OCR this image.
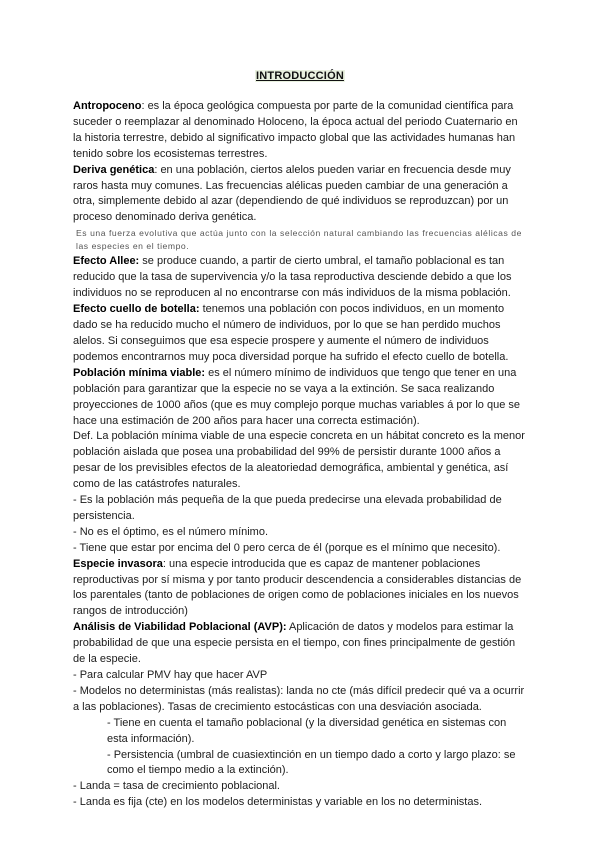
INTRODUCCIÓN

Antropoceno: es la época geológica compuesta por parte de la comunidad científica para suceder o reemplazar al denominado Holoceno, la época actual del periodo Cuaternario en la historia terrestre, debido al significativo impacto global que las actividades humanas han tenido sobre los ecosistemas terrestres.

Deriva genética: en una población, ciertos alelos pueden variar en frecuencia desde muy raros hasta muy comunes. Las frecuencias alélicas pueden cambiar de una generación a otra, simplemente debido al azar (dependiendo de qué individuos se reproduzcan) por un proceso denominado deriva genética.

Es una fuerza evolutiva que actúa junto con la selección natural cambiando las frecuencias alélicas de las especies en el tiempo.

Efecto Allee: se produce cuando, a partir de cierto umbral, el tamaño poblacional es tan reducido que la tasa de supervivencia y/o la tasa reproductiva desciende debido a que los individuos no se reproducen al no encontrarse con más individuos de la misma población.

Efecto cuello de botella: tenemos una población con pocos individuos, en un momento dado se ha reducido mucho el número de individuos, por lo que se han perdido muchos alelos. Si conseguimos que esa especie prospere y aumente el número de individuos podemos encontrarnos muy poca diversidad porque ha sufrido el efecto cuello de botella.

Población mínima viable: es el número mínimo de individuos que tengo que tener en una población para garantizar que la especie no se vaya a la extinción. Se saca realizando proyecciones de 1000 años (que es muy complejo porque muchas variables á por lo que se hace una estimación de 200 años para hacer una correcta estimación).

Def. La población mínima viable de una especie concreta en un hábitat concreto es la menor población aislada que posea una probabilidad del 99% de persistir durante 1000 años a pesar de los previsibles efectos de la aleatoriedad demográfica, ambiental y genética, así como de las catástrofes naturales.

- Es la población más pequeña de la que pueda predecirse una elevada probabilidad de persistencia.

- No es el óptimo, es el número mínimo.

- Tiene que estar por encima del 0 pero cerca de él (porque es el mínimo que necesito).

Especie invasora: una especie introducida que es capaz de mantener poblaciones reproductivas por sí misma y por tanto producir descendencia a considerables distancias de los parentales (tanto de poblaciones de origen como de poblaciones iniciales en los nuevos rangos de introducción)

Análisis de Viabilidad Poblacional (AVP): Aplicación de datos y modelos para estimar la probabilidad de que una especie persista en el tiempo, con fines principalmente de gestión de la especie.

- Para calcular PMV hay que hacer AVP

- Modelos no deterministas (más realistas): landa no cte (más difícil predecir qué va a ocurrir a las poblaciones). Tasas de crecimiento estocásticas con una desviación asociada.

- Tiene en cuenta el tamaño poblacional (y la diversidad genética en sistemas con esta información).

- Persistencia (umbral de cuasiextinción en un tiempo dado a corto y largo plazo: se como el tiempo medio a la extinción).

- Landa = tasa de crecimiento poblacional.

- Landa es fija (cte) en los modelos deterministas y variable en los no deterministas.
